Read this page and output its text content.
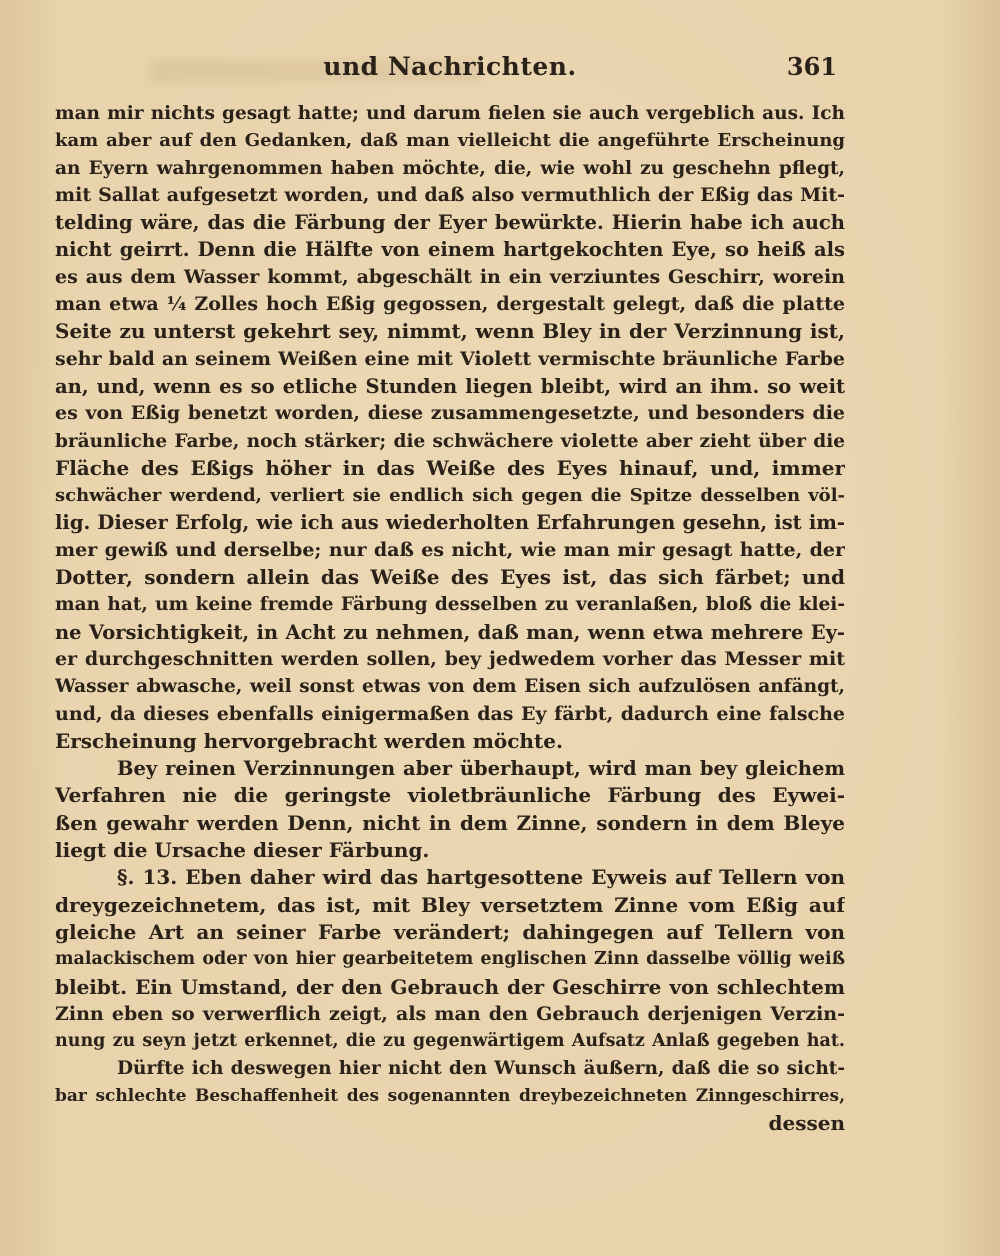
und Nachrichten.	361
man mir nichts gesagt hatte; und darum fielen sie auch vergeblich aus. Ich
kam aber auf den Gedanken, daß man vielleicht die angeführte Erscheinung
an Eyern wahrgenommen haben möchte, die, wie wohl zu geschehn pflegt,
mit Sallat aufgesetzt worden, und daß also vermuthlich der Eßig das Mit-
telding wäre, das die Färbung der Eyer bewürkte. Hierin habe ich auch
nicht geirrt. Denn die Hälfte von einem hartgekochten Eye, so heiß als
es aus dem Wasser kommt, abgeschält in ein verziuntes Geschirr, worein
man etwa ¼ Zolles hoch Eßig gegossen, dergestalt gelegt, daß die platte
Seite zu unterst gekehrt sey, nimmt, wenn Bley in der Verzinnung ist,
sehr bald an seinem Weißen eine mit Violett vermischte bräunliche Farbe
an, und, wenn es so etliche Stunden liegen bleibt, wird an ihm. so weit
es von Eßig benetzt worden, diese zusammengesetzte, und besonders die
bräunliche Farbe, noch stärker; die schwächere violette aber zieht über die
Fläche des Eßigs höher in das Weiße des Eyes hinauf, und, immer
schwächer werdend, verliert sie endlich sich gegen die Spitze desselben völ-
lig. Dieser Erfolg, wie ich aus wiederholten Erfahrungen gesehn, ist im-
mer gewiß und derselbe; nur daß es nicht, wie man mir gesagt hatte, der
Dotter, sondern allein das Weiße des Eyes ist, das sich färbet; und
man hat, um keine fremde Färbung desselben zu veranlaßen, bloß die klei-
ne Vorsichtigkeit, in Acht zu nehmen, daß man, wenn etwa mehrere Ey-
er durchgeschnitten werden sollen, bey jedwedem vorher das Messer mit
Wasser abwasche, weil sonst etwas von dem Eisen sich aufzulösen anfängt,
und, da dieses ebenfalls einigermaßen das Ey färbt, dadurch eine falsche
Erscheinung hervorgebracht werden möchte.
Bey reinen Verzinnungen aber überhaupt, wird man bey gleichem
Verfahren nie die geringste violetbräunliche Färbung des Eywei-
ßen gewahr werden Denn, nicht in dem Zinne, sondern in dem Bleye
liegt die Ursache dieser Färbung.
§. 13. Eben daher wird das hartgesottene Eyweis auf Tellern von
dreygezeichnetem, das ist, mit Bley versetztem Zinne vom Eßig auf
gleiche Art an seiner Farbe verändert; dahingegen auf Tellern von
malackischem oder von hier gearbeitetem englischen Zinn dasselbe völlig weiß
bleibt. Ein Umstand, der den Gebrauch der Geschirre von schlechtem
Zinn eben so verwerflich zeigt, als man den Gebrauch derjenigen Verzin-
nung zu seyn jetzt erkennet, die zu gegenwärtigem Aufsatz Anlaß gegeben hat.
Dürfte ich deswegen hier nicht den Wunsch äußern, daß die so sicht-
bar schlechte Beschaffenheit des sogenannten dreybezeichneten Zinngeschirres,
dessen
